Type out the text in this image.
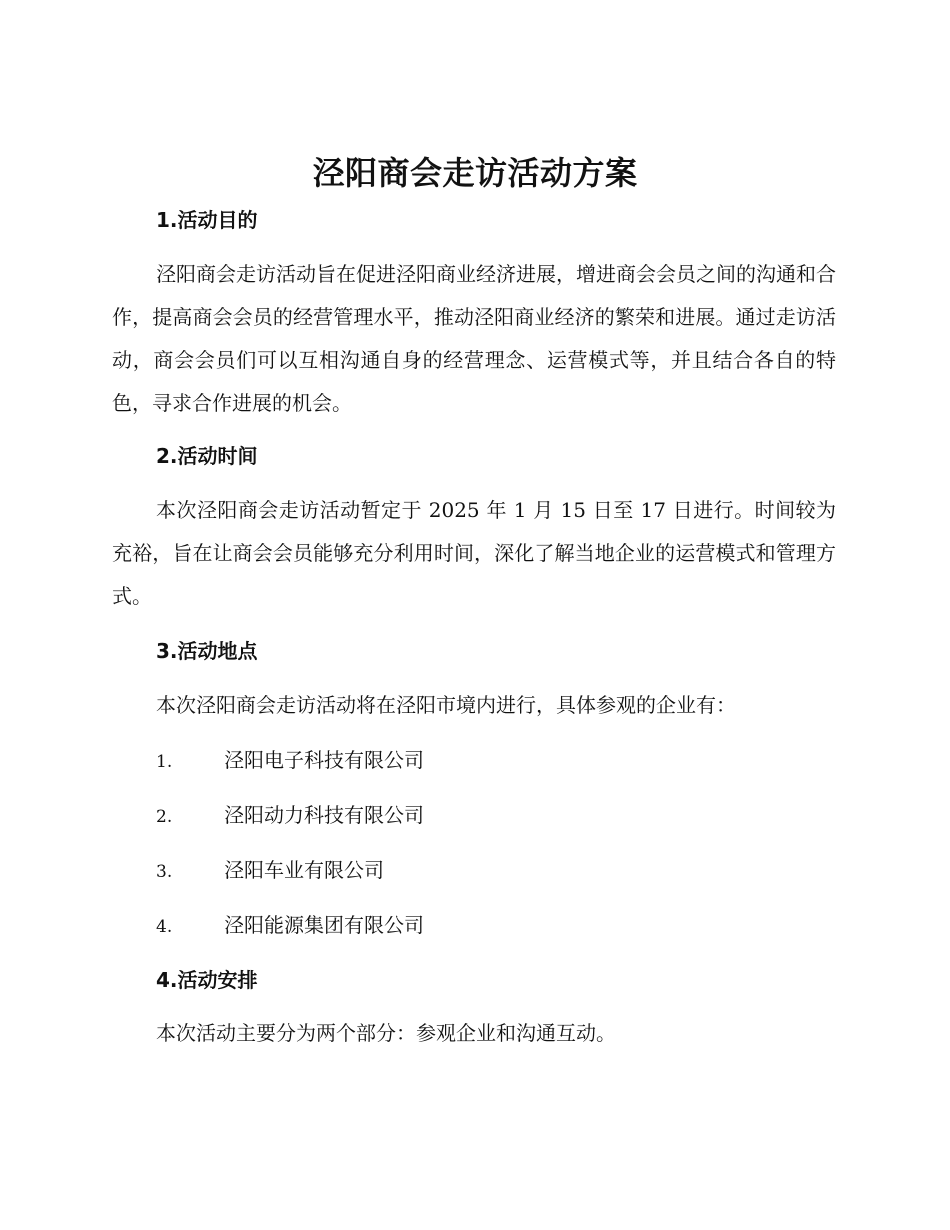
泾阳商会走访活动方案
1.活动目的

泾阳商会走访活动旨在促进泾阳商业经济进展，增进商会会员之间的沟通和合作，提高商会会员的经营管理水平，推动泾阳商业经济的繁荣和进展。通过走访活动，商会会员们可以互相沟通自身的经营理念、运营模式等，并且结合各自的特色，寻求合作进展的机会。

2.活动时间

本次泾阳商会走访活动暂定于 2025 年 1 月 15 日至 17 日进行。时间较为充裕，旨在让商会会员能够充分利用时间，深化了解当地企业的运营模式和管理方式。

3.活动地点

本次泾阳商会走访活动将在泾阳市境内进行，具体参观的企业有：

1.	泾阳电子科技有限公司
2.	泾阳动力科技有限公司
3.	泾阳车业有限公司
4.	泾阳能源集团有限公司
4.活动安排

本次活动主要分为两个部分：参观企业和沟通互动。
